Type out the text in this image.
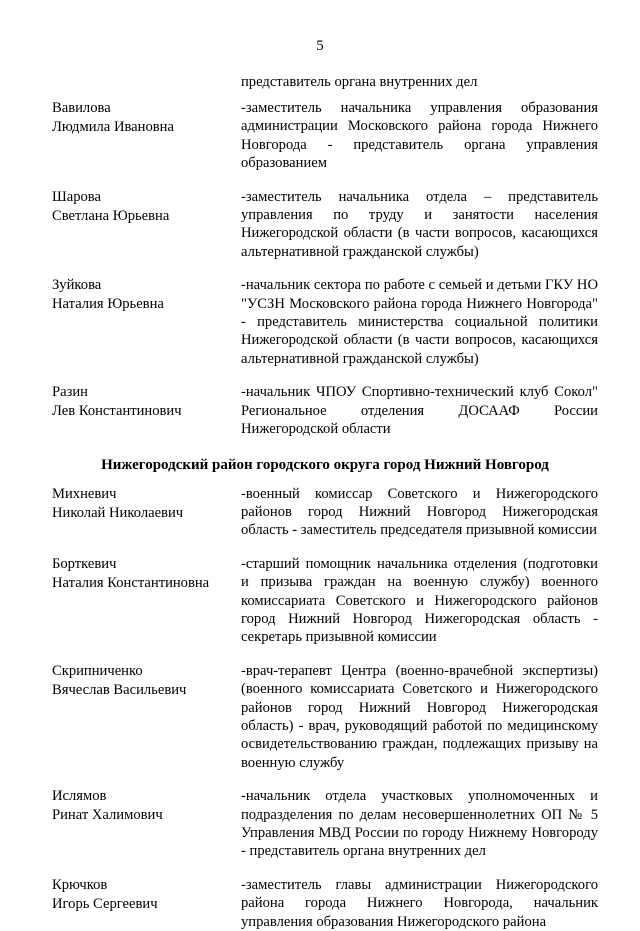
5
представитель органа внутренних дел
Вавилова
Людмила Ивановна
-заместитель начальника управления образования администрации Московского района города Нижнего Новгорода - представитель органа управления образованием
Шарова
Светлана Юрьевна
-заместитель начальника отдела – представитель управления по труду и занятости населения Нижегородской области (в части вопросов, касающихся альтернативной гражданской службы)
Зуйкова
Наталия Юрьевна
-начальник сектора по работе с семьей и детьми ГКУ НО "УСЗН Московского района города Нижнего Новгорода" - представитель министерства социальной политики Нижегородской области (в части вопросов, касающихся альтернативной гражданской службы)
Разин
Лев Константинович
-начальник ЧПОУ Спортивно-технический клуб Сокол" Региональное отделения ДОСААФ России Нижегородской области
Нижегородский район городского округа город Нижний Новгород
Михневич
Николай Николаевич
-военный комиссар Советского и Нижегородского районов город Нижний Новгород Нижегородская область - заместитель председателя призывной комиссии
Борткевич
Наталия Константиновна
-старший помощник начальника отделения (подготовки и призыва граждан на военную службу) военного комиссариата Советского и Нижегородского районов город Нижний Новгород Нижегородская область - секретарь призывной комиссии
Скрипниченко
Вячеслав Васильевич
-врач-терапевт Центра (военно-врачебной экспертизы) (военного комиссариата Советского и Нижегородского районов город Нижний Новгород Нижегородская область) - врач, руководящий работой по медицинскому освидетельствованию граждан, подлежащих призыву на военную службу
Ислямов
Ринат Халимович
-начальник отдела участковых уполномоченных и подразделения по делам несовершеннолетних ОП № 5 Управления МВД России по городу Нижнему Новгороду - представитель органа внутренних дел
Крючков
Игорь Сергеевич
-заместитель главы администрации Нижегородского района города Нижнего Новгорода, начальник управления образования Нижегородского района
